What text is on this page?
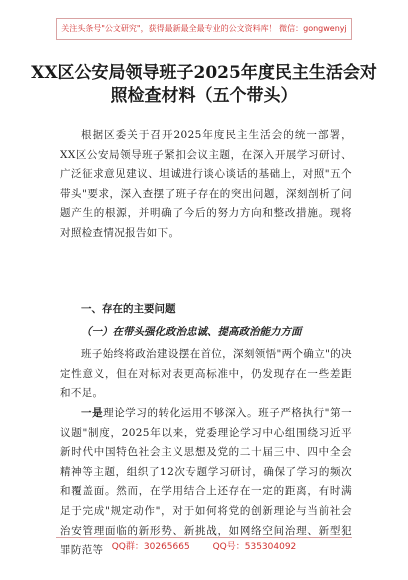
关注头条号"公文研究"，获得最新最全最专业的公文资料库！ 微信：gongwenyj
XX区公安局领导班子2025年度民主生活会对照检查材料（五个带头）

根据区委关于召开2025年度民主生活会的统一部署，XX区公安局领导班子紧扣会议主题，在深入开展学习研讨、广泛征求意见建议、坦诚进行谈心谈话的基础上，对照"五个带头"要求，深入查摆了班子存在的突出问题，深刻剖析了问题产生的根源，并明确了今后的努力方向和整改措施。现将对照检查情况报告如下。

一、存在的主要问题
（一）在带头强化政治忠诚、提高政治能力方面

班子始终将政治建设摆在首位，深刻领悟"两个确立"的决定性意义，但在对标对表更高标准中，仍发现存在一些差距和不足。

一是理论学习的转化运用不够深入。班子严格执行"第一议题"制度，2025年以来，党委理论学习中心组围绕习近平新时代中国特色社会主义思想及党的二十届三中、四中全会精神等主题，组织了12次专题学习研讨，确保了学习的频次和覆盖面。然而，在学用结合上还存在一定的距离，有时满足于完成"规定动作"，对于如何将党的创新理论与当前社会治安管理面临的新形势、新挑战，如网络空间治理、新型犯罪防范等 QQ群：30265665	QQ号：535304092
